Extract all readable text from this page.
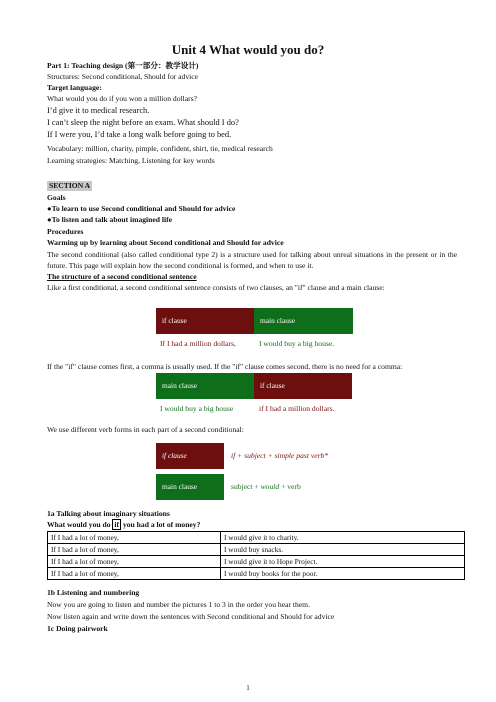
Unit 4 What would you do?
Part 1: Teaching design (第一部分：教学设计)
Structures: Second conditional, Should for advice
Target language:
What would you do if you won a million dollars?
I’d give it to medical research.
I can’t sleep the night before an exam. What should I do?
If I were you, I’d take a long walk before going to bed.
Vocabulary: million, charity, pimple, confident, shirt, tie, medical research
Learning strategies: Matching, Listening for key words
SECTION A
Goals
●To learn to use Second conditional and Should for advice
●To listen and talk about imagined life
Procedures
Warming up by learning about Second conditional and Should for advice
The second conditional (also called conditional type 2) is a structure used for talking about unreal situations in the present or in the future. This page will explain how the second conditional is formed, and when to use it.
The structure of a second conditional sentence
Like a first conditional, a second conditional sentence consists of two clauses, an "if" clause and a main clause:
if clause	main clause
If I had a million dollars,	I would buy a big house.
If the "if" clause comes first, a comma is usually used. If the "if" clause comes second, there is no need for a comma:
main clause	if clause
I would buy a big house	if I had a million dollars.
We use different verb forms in each part of a second conditional:
if clause	if + subject + simple past verb*
main clause	subject + would + verb
1a Talking about imaginary situations
What would you do if you had a lot of money?
If I had a lot of money,	I would give it to charity.
If I had a lot of money,	I would buy snacks.
If I had a lot of money,	I would give it to Hope Project.
If I had a lot of money,	I would buy books for the poor.
1b Listening and numbering
Now you are going to listen and number the pictures 1 to 3 in the order you hear them.
Now listen again and write down the sentences with Second conditional and Should for advice
1c Doing pairwork
1
